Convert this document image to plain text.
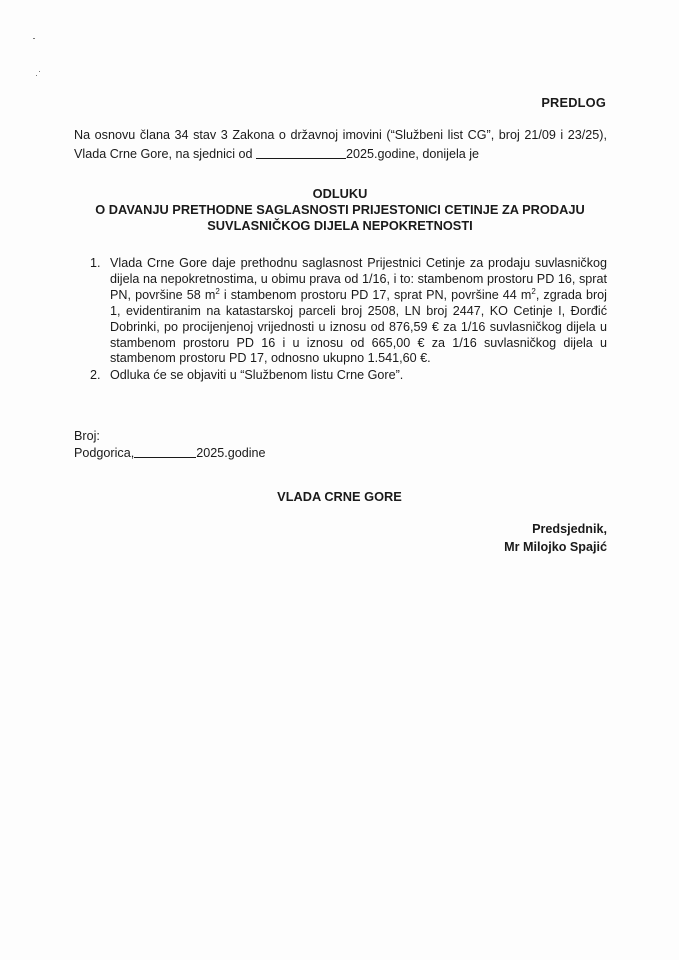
PREDLOG
Na osnovu člana 34 stav 3 Zakona o državnoj imovini (“Službeni list CG”, broj 21/09 i 23/25), Vlada Crne Gore, na sjednici od	2025.godine, donijela je
ODLUKU
O DAVANJU PRETHODNE SAGLASNOSTI PRIJESTONICI CETINJE ZA PRODAJU
SUVLASNIČKOG DIJELA NEPOKRETNOSTI
1. Vlada Crne Gore daje prethodnu saglasnost Prijestnici Cetinje za prodaju suvlasničkog dijela na nepokretnostima, u obimu prava od 1/16, i to: stambenom prostoru PD 16, sprat PN, površine 58 $m^2$ i stambenom prostoru PD 17, sprat PN, površine 44 $m^2$, zgrada broj 1, evidentiranim na katastarskoj parceli broj 2508, LN broj 2447, KO Cetinje I, Đorđić Dobrinki, po procijenjenoj vrijednosti u iznosu od 876,59 € za 1/16 suvlasničkog dijela u stambenom prostoru PD 16 i u iznosu od 665,00 € za 1/16 suvlasničkog dijela u stambenom prostoru PD 17, odnosno ukupno 1.541,60 €.
2. Odluka će se objaviti u “Službenom listu Crne Gore”.
Broj:
Podgorica,	2025.godine
VLADA CRNE GORE
Predsjednik,
Mr Milojko Spajić
